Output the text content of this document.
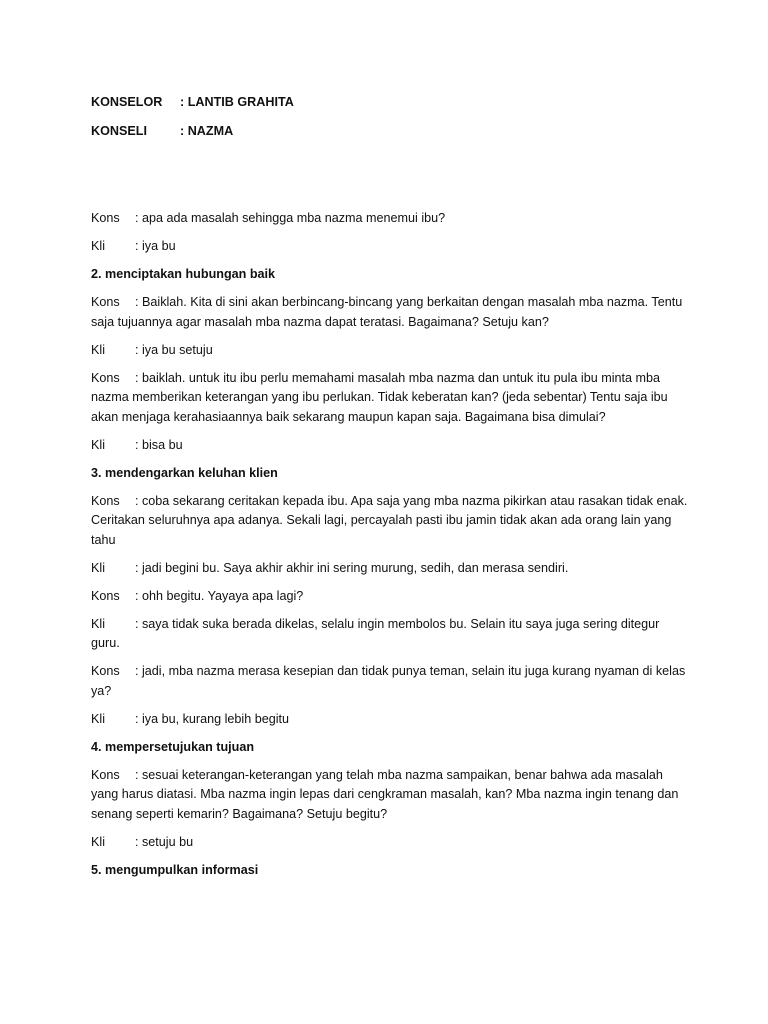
KONSELOR	: LANTIB GRAHITA
KONSELI	: NAZMA
Kons : apa ada masalah sehingga mba nazma menemui ibu?
Kli : iya bu
2. menciptakan hubungan baik
Kons : Baiklah. Kita di sini akan berbincang-bincang yang berkaitan dengan masalah mba nazma. Tentu saja tujuannya agar masalah mba nazma dapat teratasi. Bagaimana? Setuju kan?
Kli : iya bu setuju
Kons : baiklah. untuk itu ibu perlu memahami masalah mba nazma dan untuk itu pula ibu minta mba nazma memberikan keterangan yang ibu perlukan. Tidak keberatan kan? (jeda sebentar) Tentu saja ibu akan menjaga kerahasiaannya baik sekarang maupun kapan saja. Bagaimana bisa dimulai?
Kli : bisa bu
3. mendengarkan keluhan klien
Kons : coba sekarang ceritakan kepada ibu. Apa saja yang mba nazma pikirkan atau rasakan tidak enak. Ceritakan seluruhnya apa adanya. Sekali lagi, percayalah pasti ibu jamin tidak akan ada orang lain yang tahu
Kli : jadi begini bu. Saya akhir akhir ini sering murung, sedih, dan merasa sendiri.
Kons : ohh begitu. Yayaya apa lagi?
Kli : saya tidak suka berada dikelas, selalu ingin membolos bu. Selain itu saya juga sering ditegur guru.
Kons : jadi, mba nazma merasa kesepian dan tidak punya teman, selain itu juga kurang nyaman di kelas ya?
Kli : iya bu, kurang lebih begitu
4. mempersetujukan tujuan
Kons : sesuai keterangan-keterangan yang telah mba nazma sampaikan, benar bahwa ada masalah yang harus diatasi. Mba nazma ingin lepas dari cengkraman masalah, kan? Mba nazma ingin tenang dan senang seperti kemarin? Bagaimana? Setuju begitu?
Kli : setuju bu
5. mengumpulkan informasi
